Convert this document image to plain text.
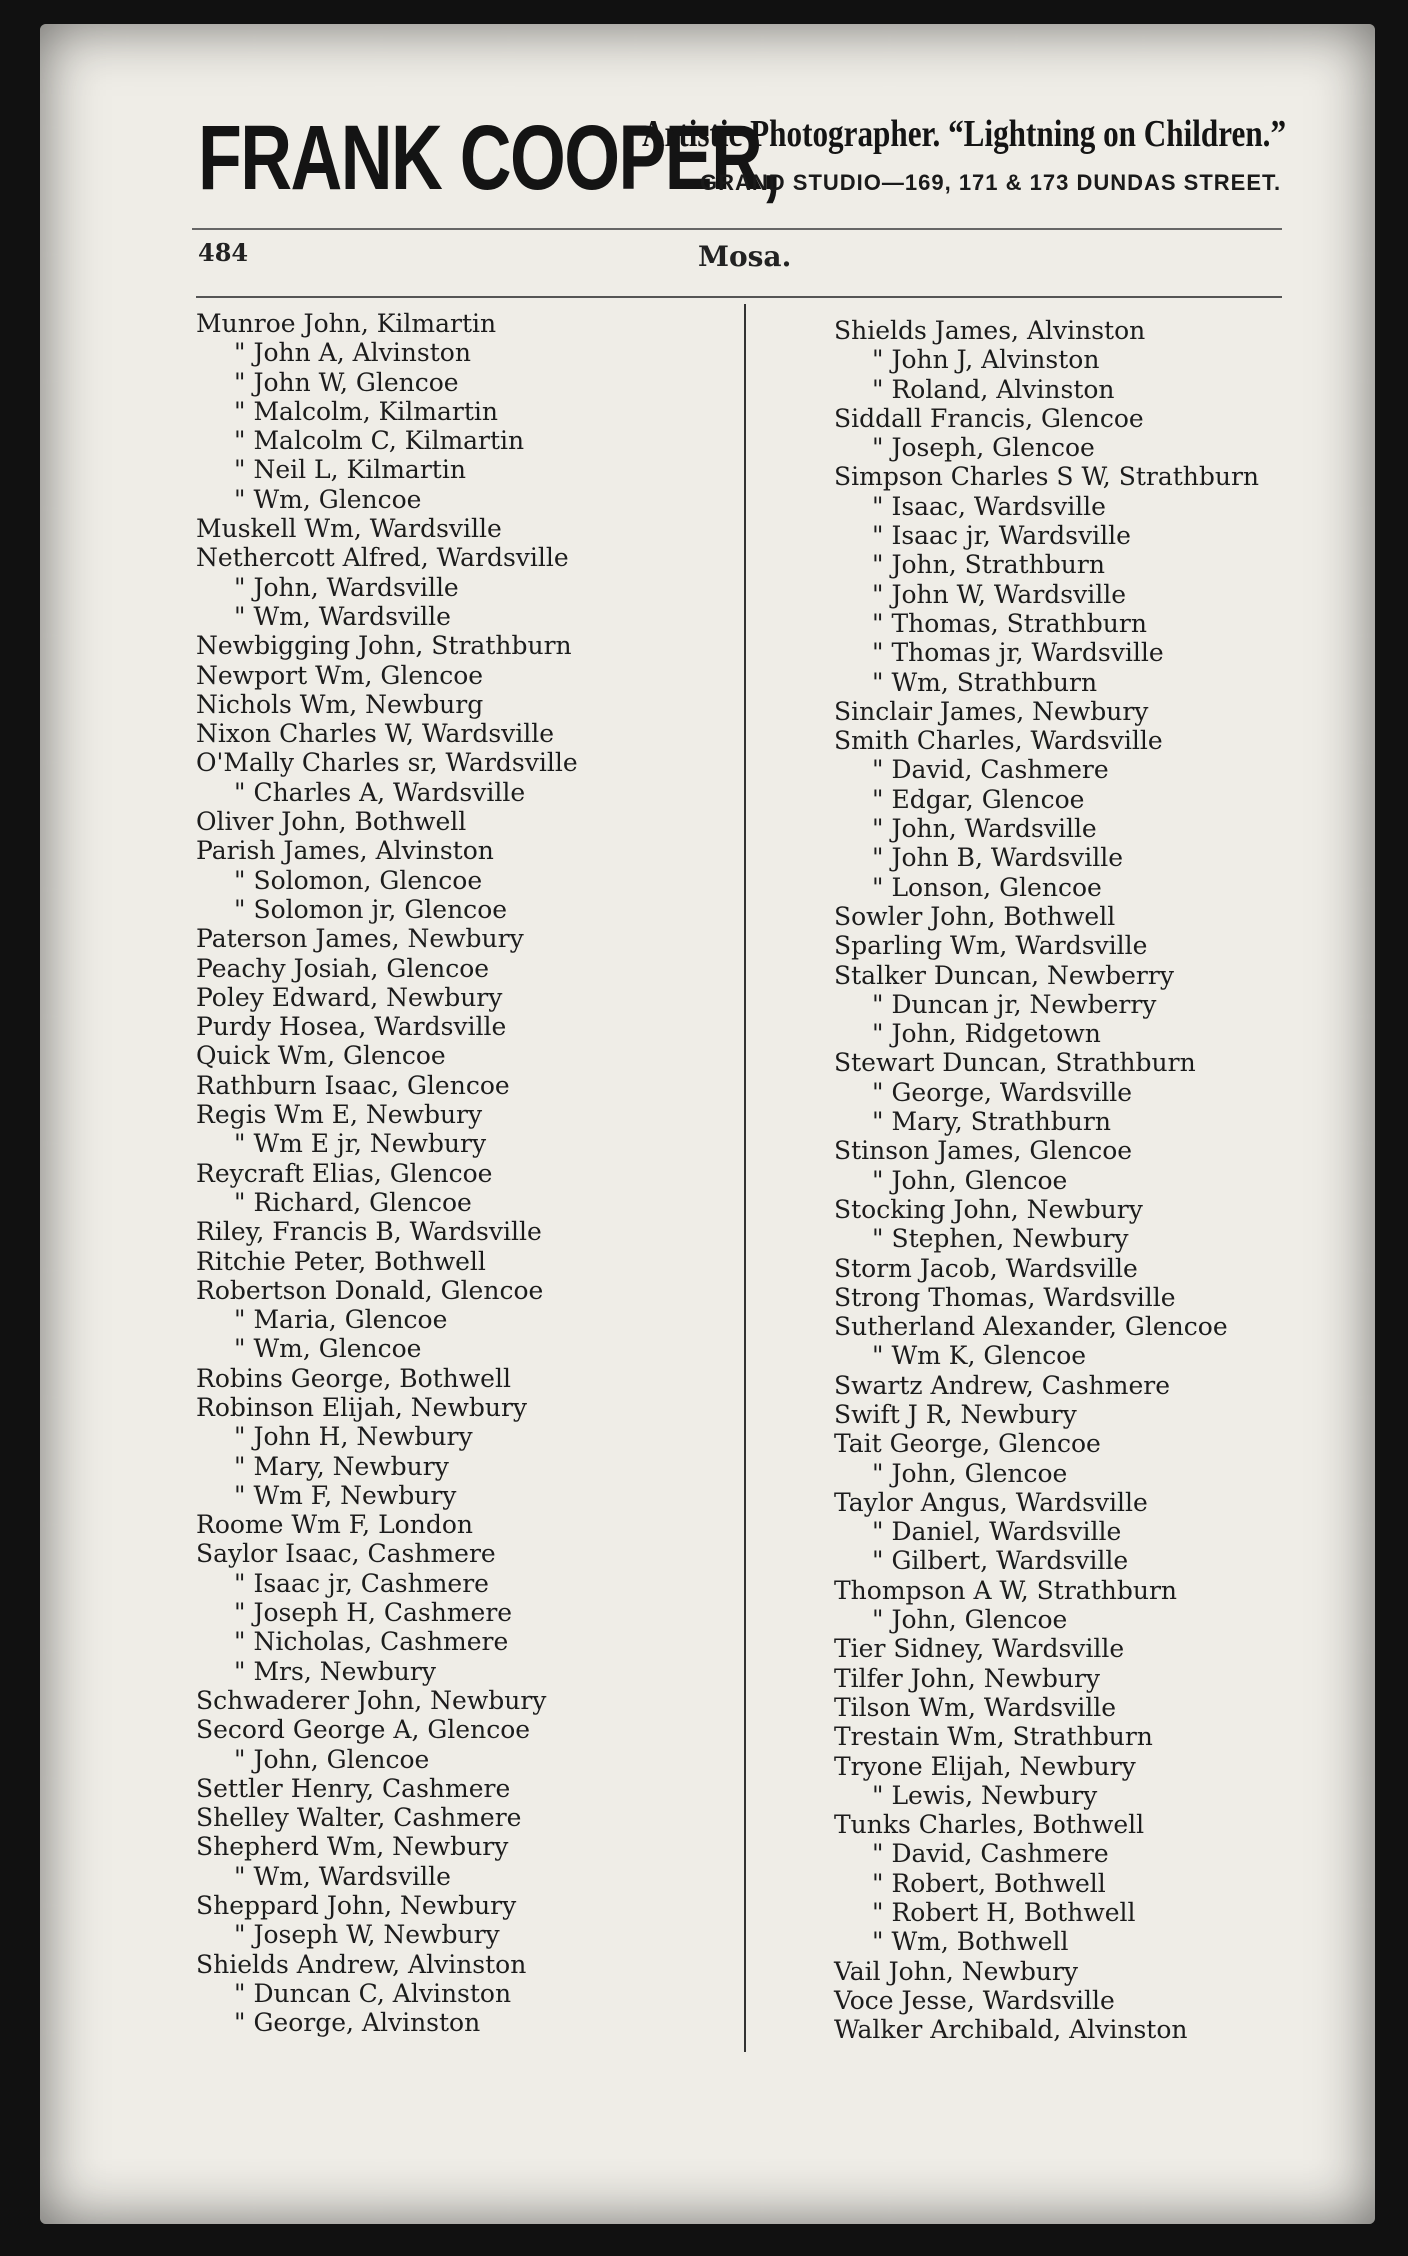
FRANK COOPER,
Artistic Photographer. “Lightning on Children.”
GRAND STUDIO—169, 171 & 173 DUNDAS STREET.
484	Mosa.
Munroe John, Kilmartin
" John A, Alvinston
" John W, Glencoe
" Malcolm, Kilmartin
" Malcolm C, Kilmartin
" Neil L, Kilmartin
" Wm, Glencoe
Muskell Wm, Wardsville
Nethercott Alfred, Wardsville
" John, Wardsville
" Wm, Wardsville
Newbigging John, Strathburn
Newport Wm, Glencoe
Nichols Wm, Newburg
Nixon Charles W, Wardsville
O'Mally Charles sr, Wardsville
" Charles A, Wardsville
Oliver John, Bothwell
Parish James, Alvinston
" Solomon, Glencoe
" Solomon jr, Glencoe
Paterson James, Newbury
Peachy Josiah, Glencoe
Poley Edward, Newbury
Purdy Hosea, Wardsville
Quick Wm, Glencoe
Rathburn Isaac, Glencoe
Regis Wm E, Newbury
" Wm E jr, Newbury
Reycraft Elias, Glencoe
" Richard, Glencoe
Riley, Francis B, Wardsville
Ritchie Peter, Bothwell
Robertson Donald, Glencoe
" Maria, Glencoe
" Wm, Glencoe
Robins George, Bothwell
Robinson Elijah, Newbury
" John H, Newbury
" Mary, Newbury
" Wm F, Newbury
Roome Wm F, London
Saylor Isaac, Cashmere
" Isaac jr, Cashmere
" Joseph H, Cashmere
" Nicholas, Cashmere
" Mrs, Newbury
Schwaderer John, Newbury
Secord George A, Glencoe
" John, Glencoe
Settler Henry, Cashmere
Shelley Walter, Cashmere
Shepherd Wm, Newbury
" Wm, Wardsville
Sheppard John, Newbury
" Joseph W, Newbury
Shields Andrew, Alvinston
" Duncan C, Alvinston
" George, Alvinston
Shields James, Alvinston
" John J, Alvinston
" Roland, Alvinston
Siddall Francis, Glencoe
" Joseph, Glencoe
Simpson Charles S W, Strathburn
" Isaac, Wardsville
" Isaac jr, Wardsville
" John, Strathburn
" John W, Wardsville
" Thomas, Strathburn
" Thomas jr, Wardsville
" Wm, Strathburn
Sinclair James, Newbury
Smith Charles, Wardsville
" David, Cashmere
" Edgar, Glencoe
" John, Wardsville
" John B, Wardsville
" Lonson, Glencoe
Sowler John, Bothwell
Sparling Wm, Wardsville
Stalker Duncan, Newberry
" Duncan jr, Newberry
" John, Ridgetown
Stewart Duncan, Strathburn
" George, Wardsville
" Mary, Strathburn
Stinson James, Glencoe
" John, Glencoe
Stocking John, Newbury
" Stephen, Newbury
Storm Jacob, Wardsville
Strong Thomas, Wardsville
Sutherland Alexander, Glencoe
" Wm K, Glencoe
Swartz Andrew, Cashmere
Swift J R, Newbury
Tait George, Glencoe
" John, Glencoe
Taylor Angus, Wardsville
" Daniel, Wardsville
" Gilbert, Wardsville
Thompson A W, Strathburn
" John, Glencoe
Tier Sidney, Wardsville
Tilfer John, Newbury
Tilson Wm, Wardsville
Trestain Wm, Strathburn
Tryone Elijah, Newbury
" Lewis, Newbury
Tunks Charles, Bothwell
" David, Cashmere
" Robert, Bothwell
" Robert H, Bothwell
" Wm, Bothwell
Vail John, Newbury
Voce Jesse, Wardsville
Walker Archibald, Alvinston
